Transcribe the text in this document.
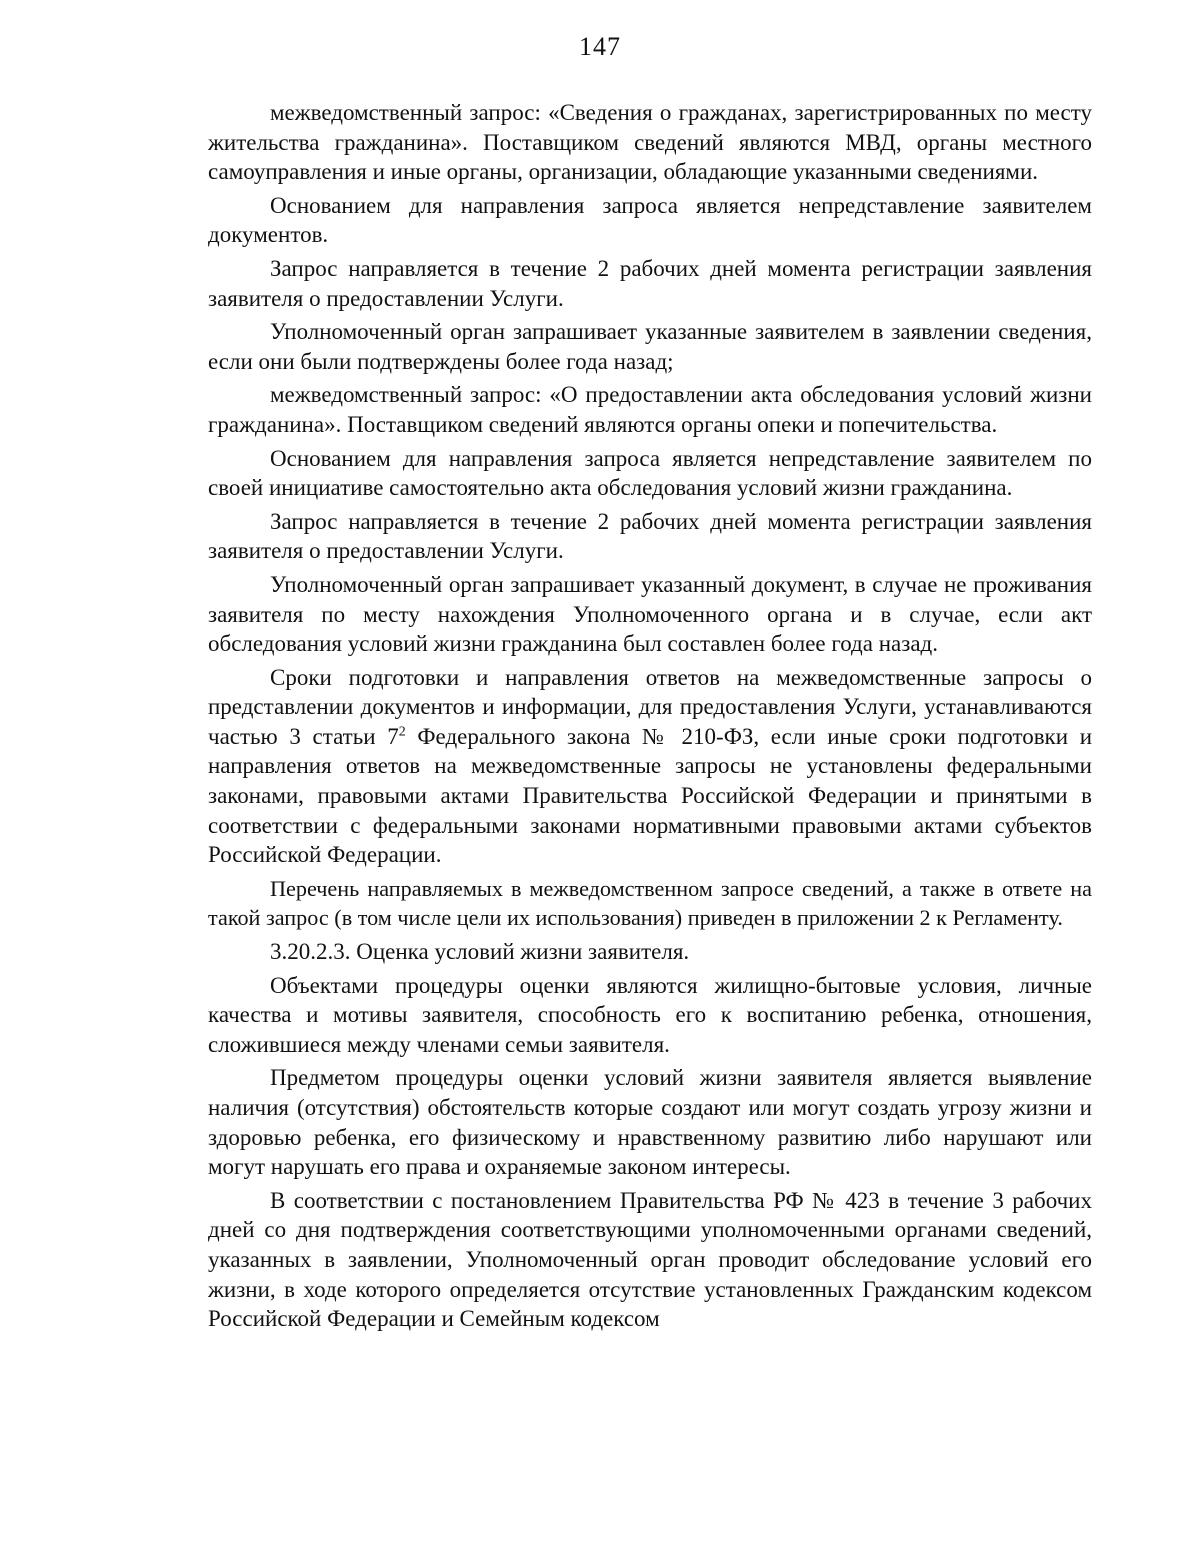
147

межведомственный запрос: «Сведения о гражданах, зарегистрированных по месту жительства гражданина». Поставщиком сведений являются МВД, органы местного самоуправления и иные органы, организации, обладающие указанными сведениями.

Основанием для направления запроса является непредставление заявителем документов.

Запрос направляется в течение 2 рабочих дней момента регистрации заявления заявителя о предоставлении Услуги.

Уполномоченный орган запрашивает указанные заявителем в заявлении сведения, если они были подтверждены более года назад;

межведомственный запрос: «О предоставлении акта обследования условий жизни гражданина». Поставщиком сведений являются органы опеки и попечительства.

Основанием для направления запроса является непредставление заявителем по своей инициативе самостоятельно акта обследования условий жизни гражданина.

Запрос направляется в течение 2 рабочих дней момента регистрации заявления заявителя о предоставлении Услуги.

Уполномоченный орган запрашивает указанный документ, в случае не проживания заявителя по месту нахождения Уполномоченного органа и в случае, если акт обследования условий жизни гражданина был составлен более года назад.

Сроки подготовки и направления ответов на межведомственные запросы о представлении документов и информации, для предоставления Услуги, устанавливаются частью 3 статьи $7^2$ Федерального закона № 210-ФЗ, если иные сроки подготовки и направления ответов на межведомственные запросы не установлены федеральными законами, правовыми актами Правительства Российской Федерации и принятыми в соответствии с федеральными законами нормативными правовыми актами субъектов Российской Федерации.

Перечень направляемых в межведомственном запросе сведений, а также в ответе на такой запрос (в том числе цели их использования) приведен в приложении 2 к Регламенту.

3.20.2.3. Оценка условий жизни заявителя.

Объектами процедуры оценки являются жилищно-бытовые условия, личные качества и мотивы заявителя, способность его к воспитанию ребенка, отношения, сложившиеся между членами семьи заявителя.

Предметом процедуры оценки условий жизни заявителя является выявление наличия (отсутствия) обстоятельств которые создают или могут создать угрозу жизни и здоровью ребенка, его физическому и нравственному развитию либо нарушают или могут нарушать его права и охраняемые законом интересы.

В соответствии с постановлением Правительства РФ № 423 в течение 3 рабочих дней со дня подтверждения соответствующими уполномоченными органами сведений, указанных в заявлении, Уполномоченный орган проводит обследование условий его жизни, в ходе которого определяется отсутствие установленных Гражданским кодексом Российской Федерации и Семейным кодексом
